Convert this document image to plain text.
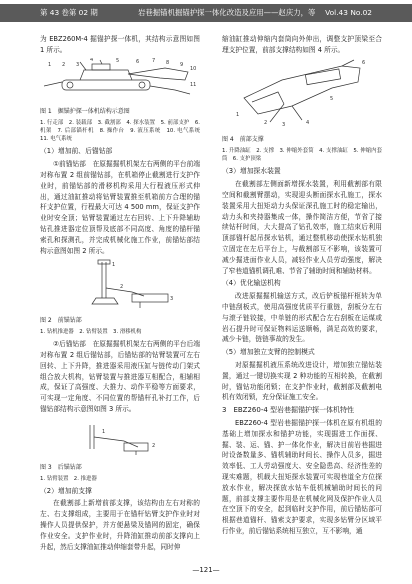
第 43 卷第 02 期	岩巷掘锚机掘锚护探一体化改造及应用——赵庆力，等 Vol.43 No.02

为 EBZ260M-4 掘锚护探一体机，其结构示意图如图 1 所示。

1 2 3
4	5	6	7 8 9
10
11

图 1　掘锚护探一体机结构示意图

1. 行走部　2. 装载部　3. 截割部　4. 探水装置　5. 前部支护　6. 机架　7. 后部锚杆机　8. 操作台　9. 液压系统　10. 电气系统　11. 电气系统

（1）增加前、后锚钻部

①前锚钻部　在原掘掘机机架左右两侧的平台前端对称布置 2 组前锚钻部，在机箱停止截割进行支护作业时，前锚钻部的滑移机构采用大行程液压形式伸出，通过油缸推动将钻臂装置推至机箱前方合理的锚杆支护位置，行程最大可达 4 500 mm，保证支护作业时安全顶；钻臂装置通过左右回转、上下升降辅助钻孔推进器定位顶帮及底部不同高度、角度的锚杆锚索孔和探测孔，并完成机械化施工作业，前锚钻部结构示意图如图 2 所示。

1
2
3

图 2　前锚钻部

1. 钻机推进器　2. 钻臂装置　3. 滑移机构

②后锚钻部　在原掘掘机机架左右两侧的平台后端对称布置 2 组后锚钻部，后锚钻部的钻臂装置可左右回转、上下升降，推进器采用液压缸与链传动门架式组合放大机构，钻臂装置与推进器互相配合，相辅相成，保证了高强度、大推力、动作平稳等方面要求，可实现一定角度、不同位置的帮锚杆孔补打工作，后锚钻部结构示意图如图 3 所示。

1
2

图 3　后锚钻部

1. 钻臂装置　2. 推进器

（2）增加前支撑

在截割部上新增前部支撑，该结构由左右对称的左、右支撑组成，主要用于在锚杆钻臂支护作业时对操作人员提供保护，并方便悬梁及锚网的固定，确保作业安全。支护作业时，升降油缸推动前部支撑向上升起，然后支撑油缸推动伸缩套带升起，同时伸

缩油缸推动伸缩内套筒向外伸出，调整支护顶梁至合理支护位置，前部支撑结构如图 4 所示。

1
2	3	4
5
6

图 4　前部支撑

1. 升降油缸　2. 支撑　3. 伸缩外套筒　4. 支撑油缸　5. 伸缩内套筒　6. 支护顶梁

（3）增加探水装置

在截割部左侧面新增探水装置，利用截割部有限空间和截割臂摆动，实现迎头断面探水孔施工，探水装置采用大扭矩动力头保证深孔施工时的稳定输出，动力头和夹持器集成一体，操作简洁方便，节省了接续钻杆时间，大大提高了钻孔效率，施工结束后利用顶部锚杆起吊探水钻机，通过整机移动使探水钻机独立固定在左后平台上，与截割部互不影响，该装置可减少掘进面作业人员，减轻作业人员劳动强度，解决了窄巷道锚机调孔难、节省了辅助时间和辅助材料。

（4）优化输送机构

改进原掘掘机输送方式，改后铲板锚杆枢转为单中链刮板式，使用高强度优质平行重链，刮板分左右与滚子链铰接，中单链的形式配合左右刮板在运煤或岩石提升时可保证物料运送顺畅，满足高效的要求，减少卡链，链链事故的发生。

（5）增加独立支臂的控制模式

对原掘掘机液压系统改进设计，增加独立锚钻装置，通过一键切换实现 2 种功能的互相转换，在截割时，锚钻功能闭锁；在支护作业时，截割部及截割电机有效闭锁，充分保证施工安全。

3　EBZ260-4 型岩巷掘锚护探一体机特性

EBZ260-4 型岩巷掘锚护探一体机在原有机组的基础上增加探水和锚护功能，实现掘进工作面探、掘、装、运、锚、护一体化作业，解决目前岩巷掘进时设备数量多、锚机辅助时间长、操作人员多，掘进效率低、工人劳动强度大、安全隐患高、经济性差的现实难题，机载大扭矩探水装置可实现巷道全方位探放水作业，解决探放水钻车低机械辅助时间长的问题，前部支撑主要作用是在机械化网及保护作业人员在空顶下的安全，起到临时支护作用，前后锚钻部可根据巷道锚杆、锚索支护要求，实现多钻臂分区域平行作业，前后锚钻系统相互独立，互不影响，通

—121—
